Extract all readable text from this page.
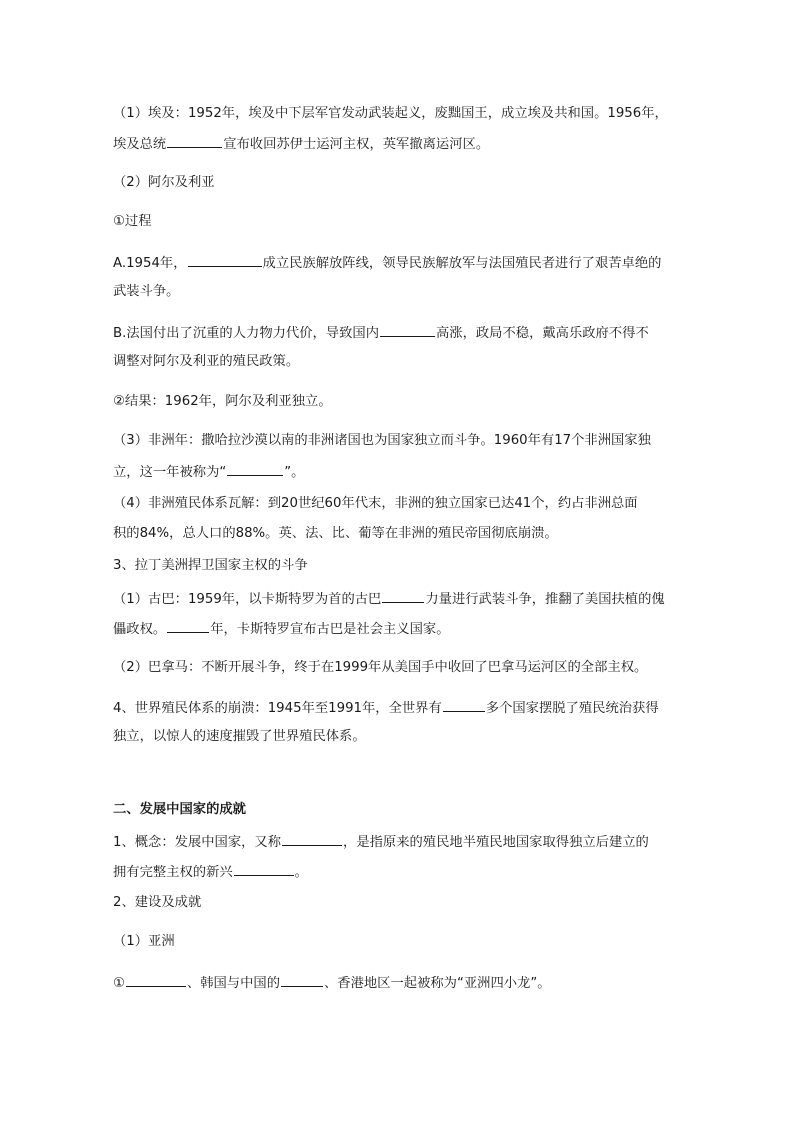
（1）埃及：1952年，埃及中下层军官发动武装起义，废黜国王，成立埃及共和国。1956年，
埃及总统	宣布收回苏伊士运河主权，英军撤离运河区。
（2）阿尔及利亚
①过程
A.1954年，	成立民族解放阵线，领导民族解放军与法国殖民者进行了艰苦卓绝的
武装斗争。
B.法国付出了沉重的人力物力代价，导致国内	高涨，政局不稳，戴高乐政府不得不
调整对阿尔及利亚的殖民政策。
②结果：1962年，阿尔及利亚独立。
（3）非洲年：撒哈拉沙漠以南的非洲诸国也为国家独立而斗争。1960年有17个非洲国家独
立，这一年被称为“	”。
（4）非洲殖民体系瓦解：到20世纪60年代末，非洲的独立国家已达41个，约占非洲总面
积的84%，总人口的88%。英、法、比、葡等在非洲的殖民帝国彻底崩溃。
3、拉丁美洲捍卫国家主权的斗争
（1）古巴：1959年，以卡斯特罗为首的古巴	力量进行武装斗争，推翻了美国扶植的傀
儡政权。	年，卡斯特罗宣布古巴是社会主义国家。
（2）巴拿马：不断开展斗争，终于在1999年从美国手中收回了巴拿马运河区的全部主权。
4、世界殖民体系的崩溃：1945年至1991年，全世界有	多个国家摆脱了殖民统治获得
独立，以惊人的速度摧毁了世界殖民体系。
二、发展中国家的成就
1、概念：发展中国家，又称	，是指原来的殖民地半殖民地国家取得独立后建立的
拥有完整主权的新兴	。
2、建设及成就
（1）亚洲
①	、韩国与中国的	、香港地区一起被称为“亚洲四小龙”。
